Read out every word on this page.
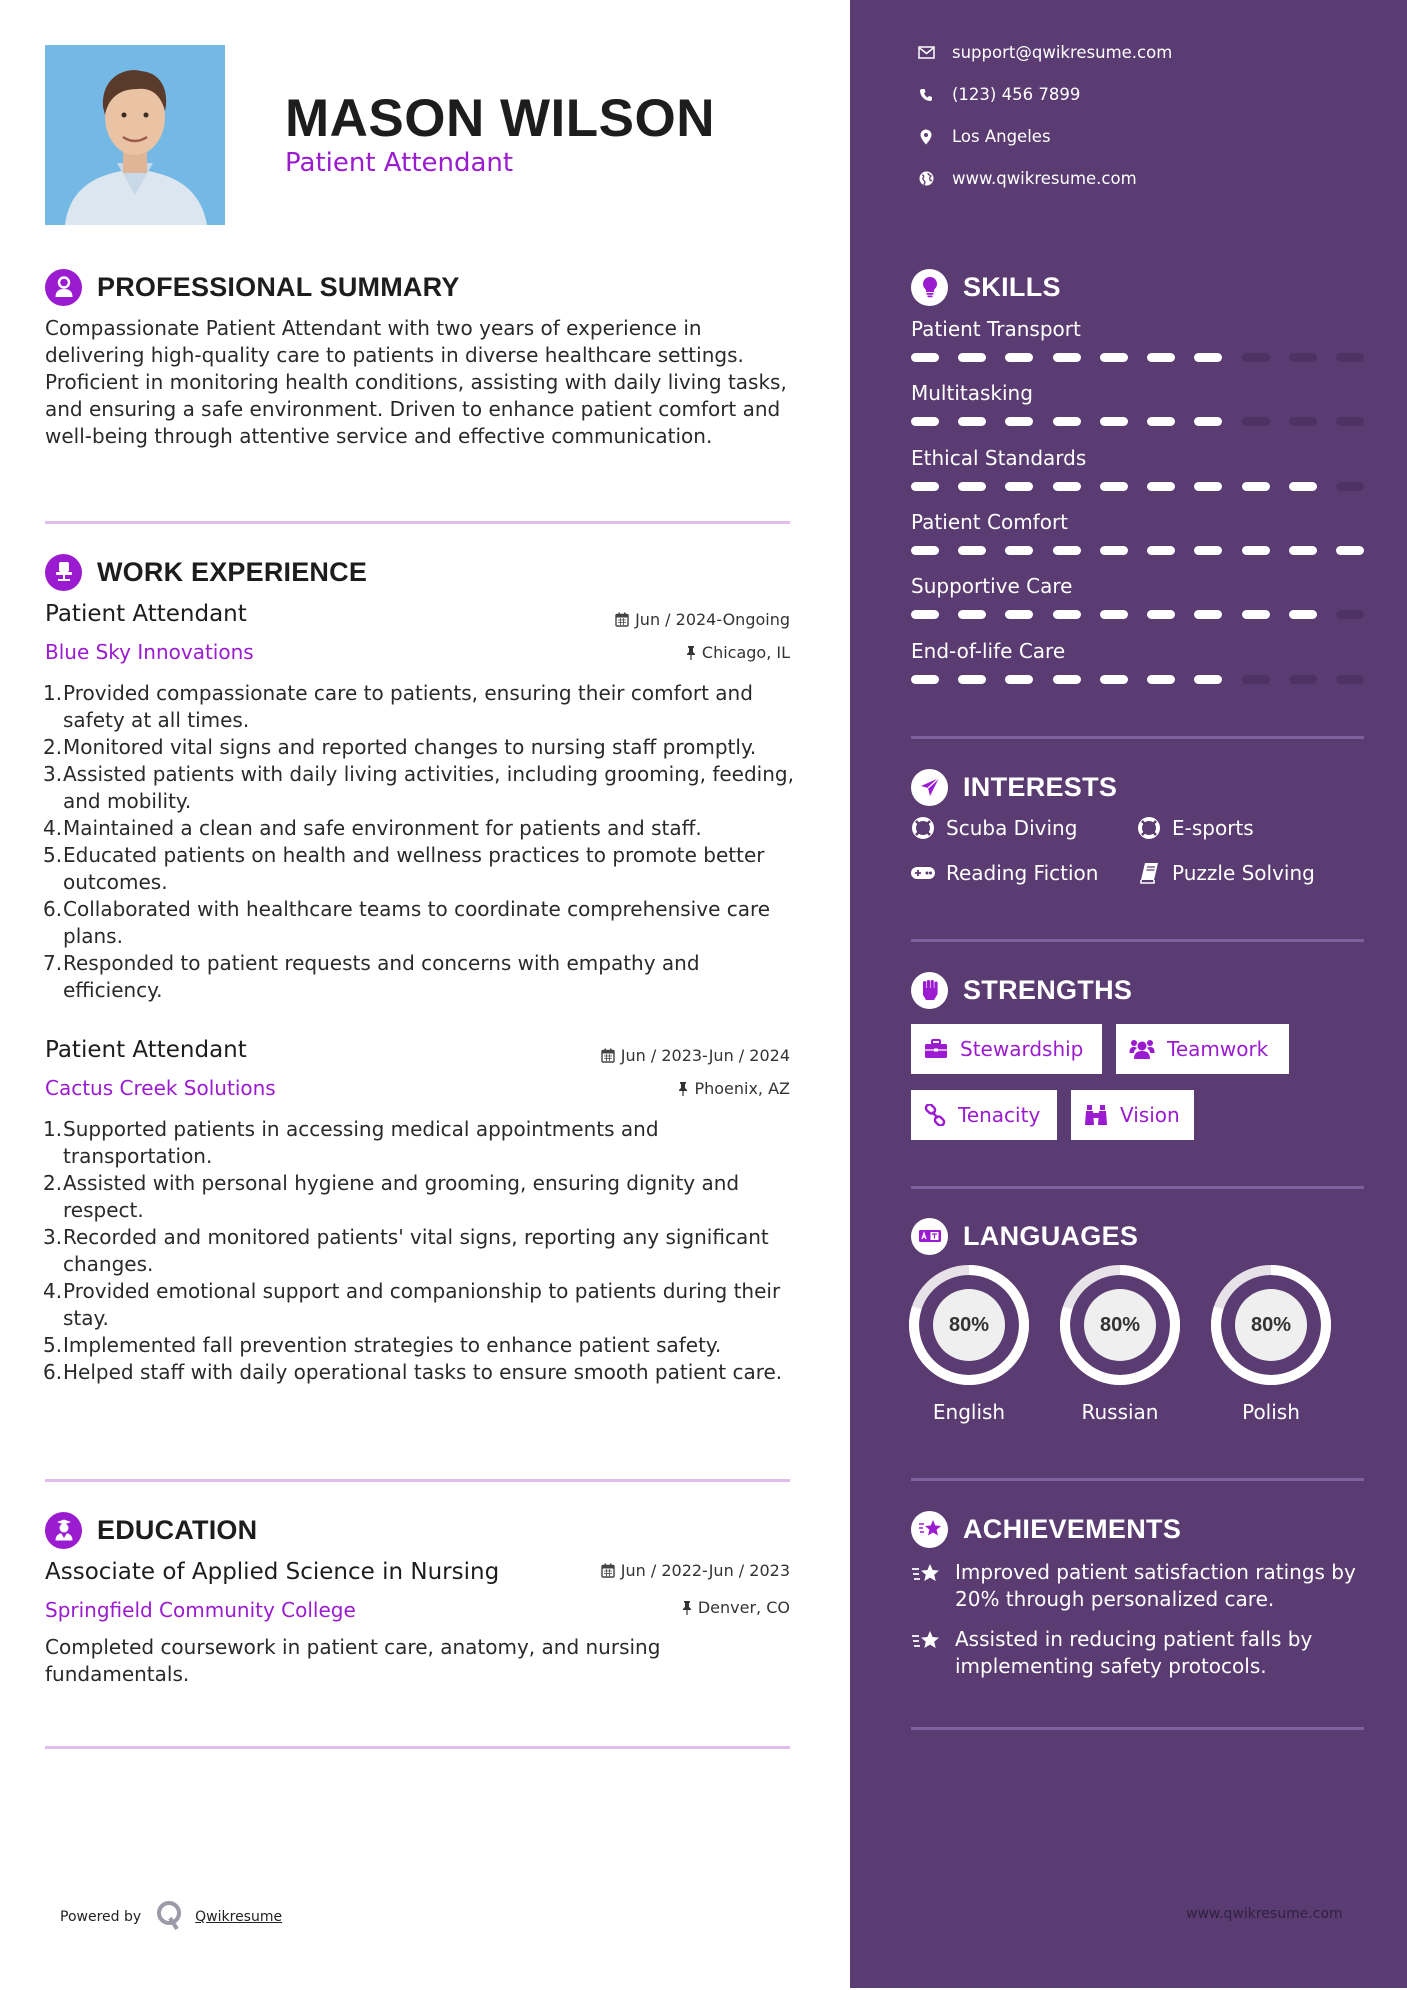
MASON WILSON
Patient Attendant
PROFESSIONAL SUMMARY
Compassionate Patient Attendant with two years of experience in delivering high-quality care to patients in diverse healthcare settings. Proficient in monitoring health conditions, assisting with daily living tasks, and ensuring a safe environment. Driven to enhance patient comfort and well-being through attentive service and effective communication.
WORK EXPERIENCE
Patient Attendant
Blue Sky Innovations
Jun / 2024-Ongoing
Chicago, IL
1. Provided compassionate care to patients, ensuring their comfort and safety at all times.
2. Monitored vital signs and reported changes to nursing staff promptly.
3. Assisted patients with daily living activities, including grooming, feeding, and mobility.
4. Maintained a clean and safe environment for patients and staff.
5. Educated patients on health and wellness practices to promote better outcomes.
6. Collaborated with healthcare teams to coordinate comprehensive care plans.
7. Responded to patient requests and concerns with empathy and efficiency.
Patient Attendant
Cactus Creek Solutions
Jun / 2023-Jun / 2024
Phoenix, AZ
1. Supported patients in accessing medical appointments and transportation.
2. Assisted with personal hygiene and grooming, ensuring dignity and respect.
3. Recorded and monitored patients' vital signs, reporting any significant changes.
4. Provided emotional support and companionship to patients during their stay.
5. Implemented fall prevention strategies to enhance patient safety.
6. Helped staff with daily operational tasks to ensure smooth patient care.
EDUCATION
Associate of Applied Science in Nursing
Springfield Community College
Jun / 2022-Jun / 2023
Denver, CO
Completed coursework in patient care, anatomy, and nursing fundamentals.
Powered by	Qwikresume
support@qwikresume.com
(123) 456 7899
Los Angeles
www.qwikresume.com
SKILLS
Patient Transport
Multitasking
Ethical Standards
Patient Comfort
Supportive Care
End-of-life Care
INTERESTS
Scuba Diving	E-sports
Reading Fiction	Puzzle Solving
STRENGTHS
Stewardship	Teamwork
Tenacity	Vision
LANGUAGES
80%
English
80%
Russian
80%
Polish
ACHIEVEMENTS
Improved patient satisfaction ratings by 20% through personalized care.
Assisted in reducing patient falls by implementing safety protocols.
www.qwikresume.com
